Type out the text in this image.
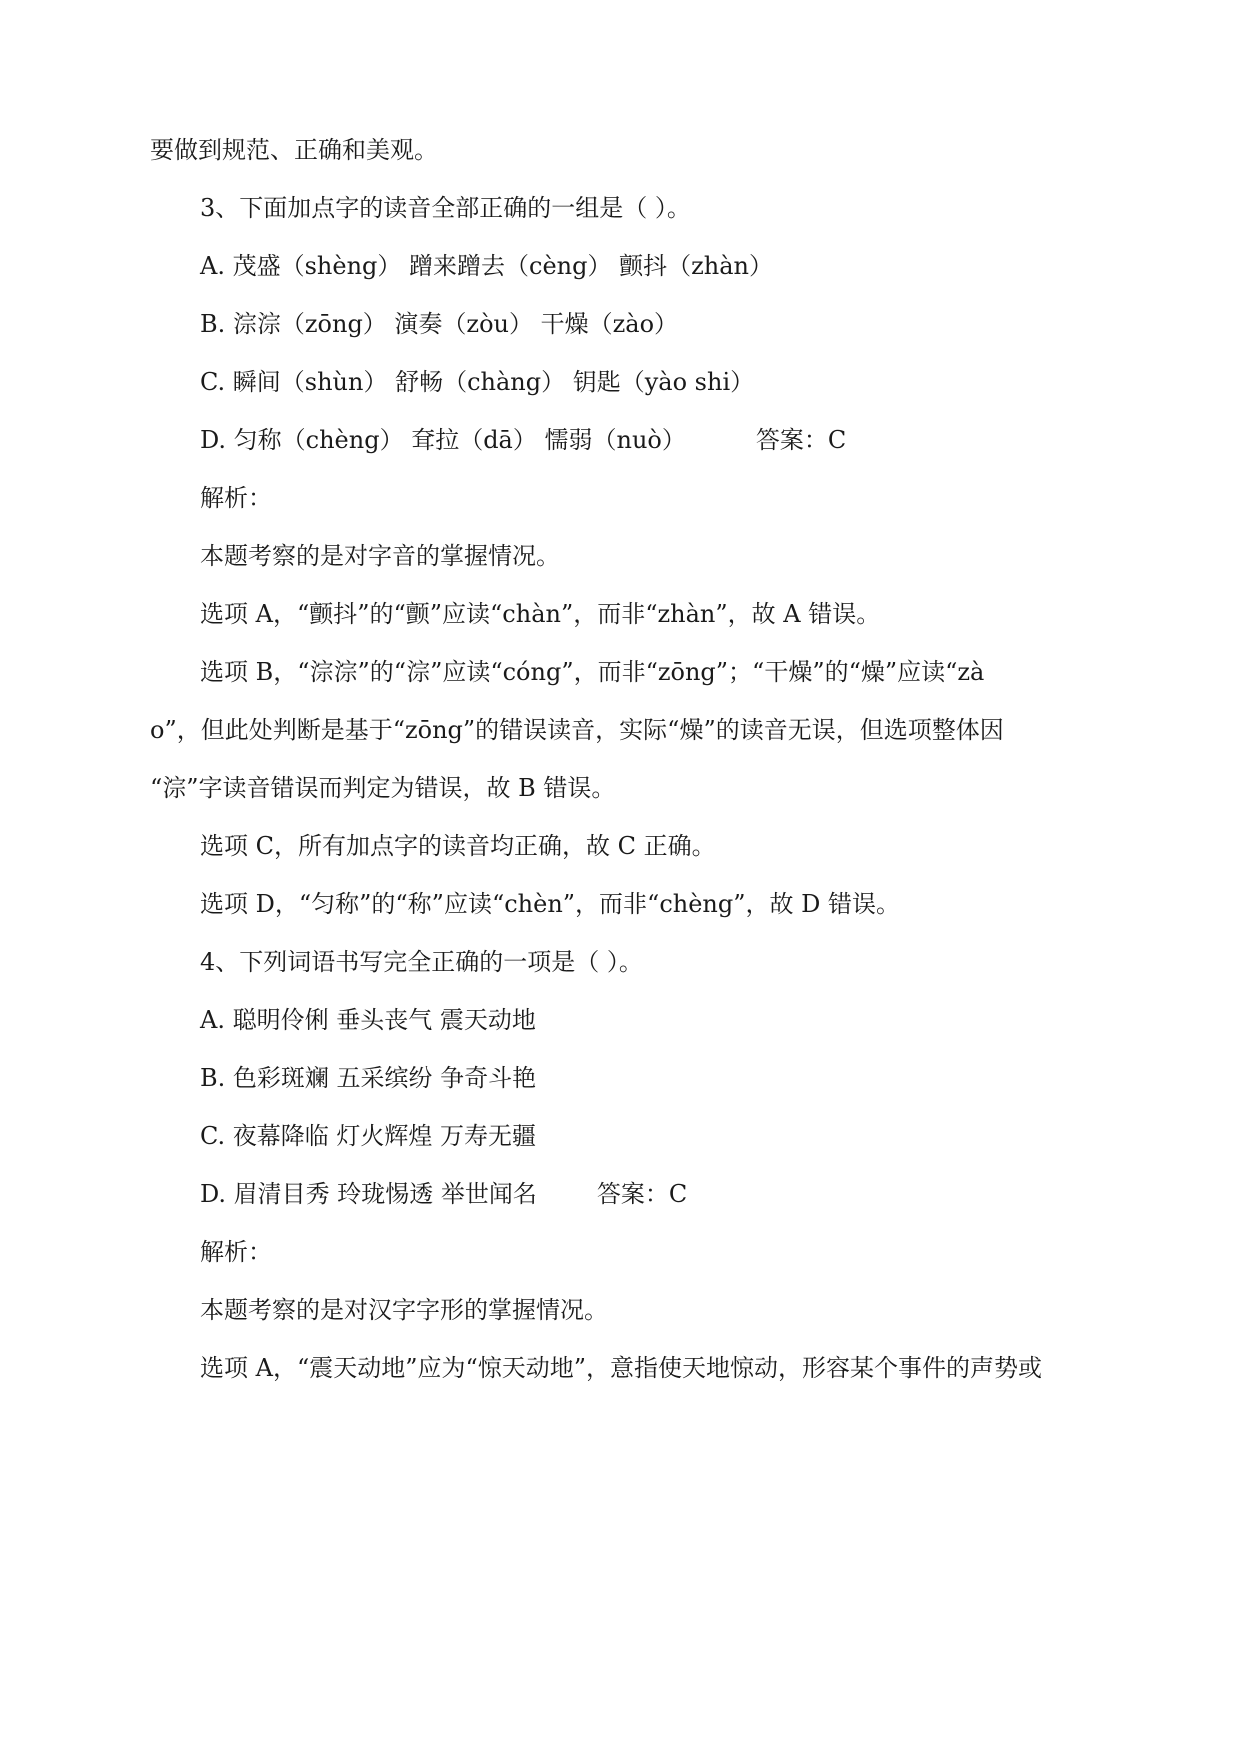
要做到规范、正确和美观。
3、下面加点字的读音全部正确的一组是（ ）。
A. 茂盛（shèng） 蹭来蹭去（cèng） 颤抖（zhàn）
B. 淙淙（zōng） 演奏（zòu） 干燥（zào）
C. 瞬间（shùn） 舒畅（chàng） 钥匙（yào shi）
D. 匀称（chèng） 耷拉（dā） 懦弱（nuò）	答案：C
解析：
本题考察的是对字音的掌握情况。
选项 A，“颤抖”的“颤”应读“chàn”，而非“zhàn”，故 A 错误。
选项 B，“淙淙”的“淙”应读“cóng”，而非“zōng”；“干燥”的“燥”应读“zà
o”，但此处判断是基于“zōng”的错误读音，实际“燥”的读音无误，但选项整体因
“淙”字读音错误而判定为错误，故 B 错误。
选项 C，所有加点字的读音均正确，故 C 正确。
选项 D，“匀称”的“称”应读“chèn”，而非“chèng”，故 D 错误。
4、下列词语书写完全正确的一项是（ ）。
A. 聪明伶俐 垂头丧气 震天动地
B. 色彩斑斓 五采缤纷 争奇斗艳
C. 夜幕降临 灯火辉煌 万寿无疆
D. 眉清目秀 玲珑惕透 举世闻名	答案：C
解析：
本题考察的是对汉字字形的掌握情况。
选项 A，“震天动地”应为“惊天动地”，意指使天地惊动，形容某个事件的声势或
